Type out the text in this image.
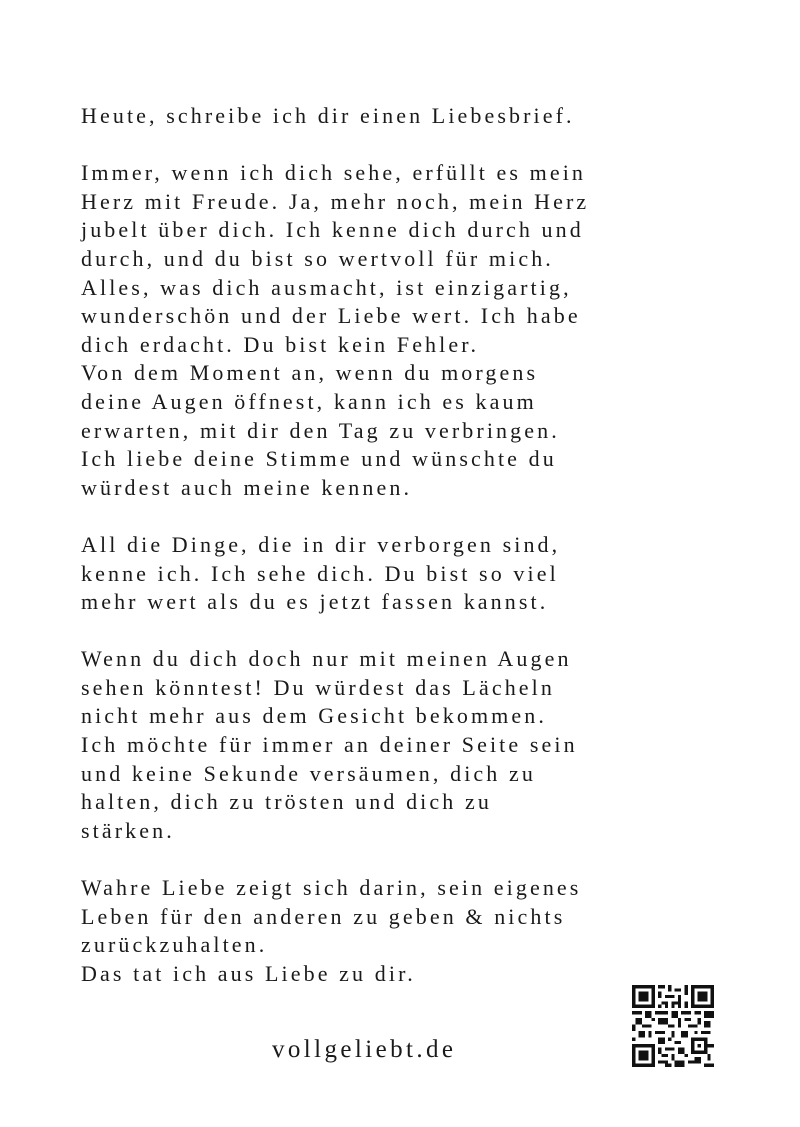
Heute, schreibe ich dir einen Liebesbrief.
Immer, wenn ich dich sehe, erfüllt es mein
Herz mit Freude. Ja, mehr noch, mein Herz
jubelt über dich. Ich kenne dich durch und
durch, und du bist so wertvoll für mich.
Alles, was dich ausmacht, ist einzigartig,
wunderschön und der Liebe wert. Ich habe
dich erdacht. Du bist kein Fehler.
Von dem Moment an, wenn du morgens
deine Augen öffnest, kann ich es kaum
erwarten, mit dir den Tag zu verbringen.
Ich liebe deine Stimme und wünschte du
würdest auch meine kennen.
All die Dinge, die in dir verborgen sind,
kenne ich. Ich sehe dich. Du bist so viel
mehr wert als du es jetzt fassen kannst.
Wenn du dich doch nur mit meinen Augen
sehen könntest! Du würdest das Lächeln
nicht mehr aus dem Gesicht bekommen.
Ich möchte für immer an deiner Seite sein
und keine Sekunde versäumen, dich zu
halten, dich zu trösten und dich zu
stärken.
Wahre Liebe zeigt sich darin, sein eigenes
Leben für den anderen zu geben & nichts
zurückzuhalten.
Das tat ich aus Liebe zu dir.
vollgeliebt.de
